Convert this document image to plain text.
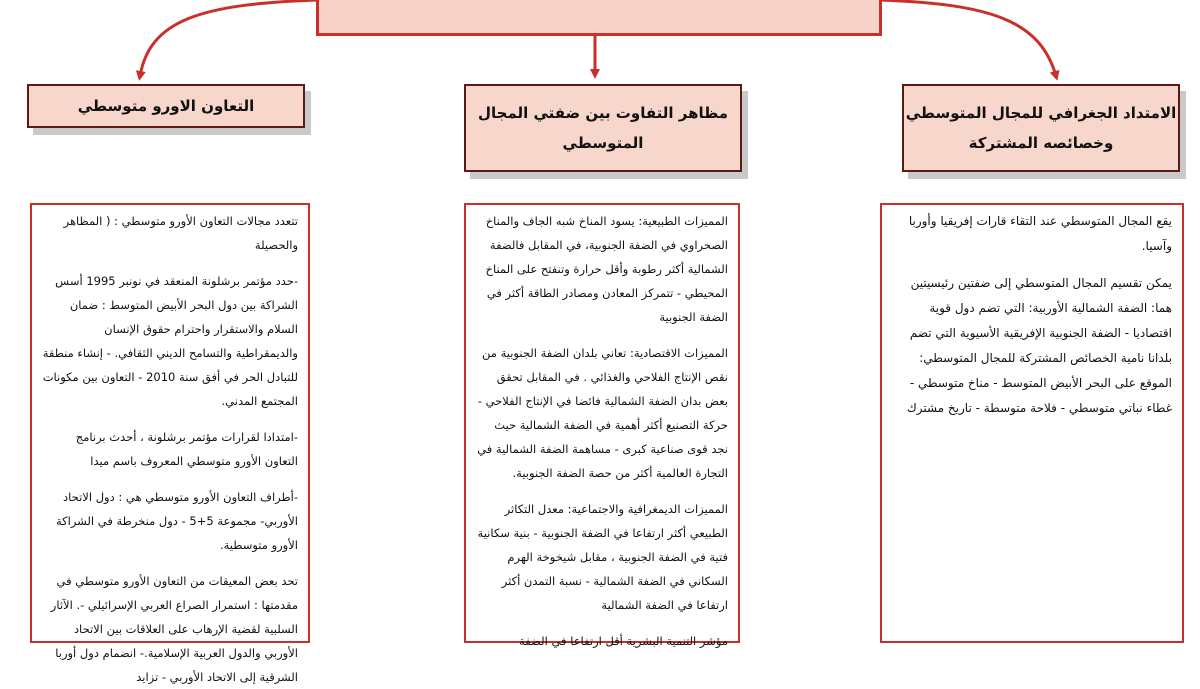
التعاون الاورو متوسطي	مظاهر التفاوت بين ضفتي المجال
المتوسطي
الامتداد الجغرافي للمجال المتوسطي
وخصائصه المشتركة

تتعدد مجالات التعاون الأورو متوسطي : ( المظاهر والحصيلة

-حدد مؤتمر برشلونة المنعقد في نونبر 1995 أسس الشراكة بين دول البحر الأبيض المتوسط : ضمان السلام والاستقرار واحترام حقوق الإنسان والديمقراطية والتسامح الديني الثقافي. - إنشاء منطقة للتبادل الحر في أفق سنة 2010 - التعاون بين مكونات المجتمع المدني.

-امتدادا لقرارات مؤتمر برشلونة ، أحدث برنامج التعاون الأورو متوسطي المعروف باسم ميدا

-أطراف التعاون الأورو متوسطي هي : دول الاتحاد الأوربي- مجموعة 5+5 - دول منخرطة في الشراكة الأورو متوسطية.

تحد بعض المعيقات من التعاون الأورو متوسطي في مقدمتها : استمرار الصراع العربي الإسرائيلي -. الآثار السلبية لقضية الإرهاب على العلاقات بين الاتحاد الأوربي والدول العربية الإسلامية.- انضمام دول أوربا الشرقية إلى الاتحاد الأوربي - تزايد

المميزات الطبيعية: يسود المناخ شبه الجاف والمناخ الصحراوي في الضفة الجنوبية، في المقابل فالضفة الشمالية أكثر رطوبة وأقل حرارة وتنفتح على المناخ المحيطي - تتمركز المعادن ومصادر الطاقة أكثر في الضفة الجنوبية

المميزات الاقتصادية: تعاني بلدان الضفة الجنوبية من نقص الإنتاج الفلاحي والغذائي . في المقابل تحقق بعض بدان الضفة الشمالية فائضا في الإنتاج الفلاحي - حركة التصنيع أكثر أهمية في الضفة الشمالية حيث نجد قوى صناعية كبرى - مساهمة الضفة الشمالية في التجارة العالمية أكثر من حصة الضفة الجنوبية.

المميزات الديمغرافية والاجتماعية: معدل التكاثر الطبيعي أكثر ارتفاعا في الضفة الجنوبية - بنية سكانية فتية في الضفة الجنوبية ، مقابل شيخوخة الهرم السكاني في الضفة الشمالية - نسبة التمدن أكثر ارتفاعا في الضفة الشمالية

مؤشر التنمية البشرية أقل ارتفاعا في الضفة

يقع المجال المتوسطي عند التقاء قارات إفريقيا وأوربا وآسيا.

يمكن تقسيم المجال المتوسطي إلى ضفتين رئيسيتين هما: الضفة الشمالية الأوربية: التي تضم دول قوية اقتصاديا - الضفة الجنوبية الإفريقية الأسيوية التي تضم بلدانا نامية الخصائص المشتركة للمجال المتوسطي: الموقع على البحر الأبيض المتوسط - مناخ متوسطي - غطاء نباتي متوسطي - فلاحة متوسطة - تاريخ مشترك
